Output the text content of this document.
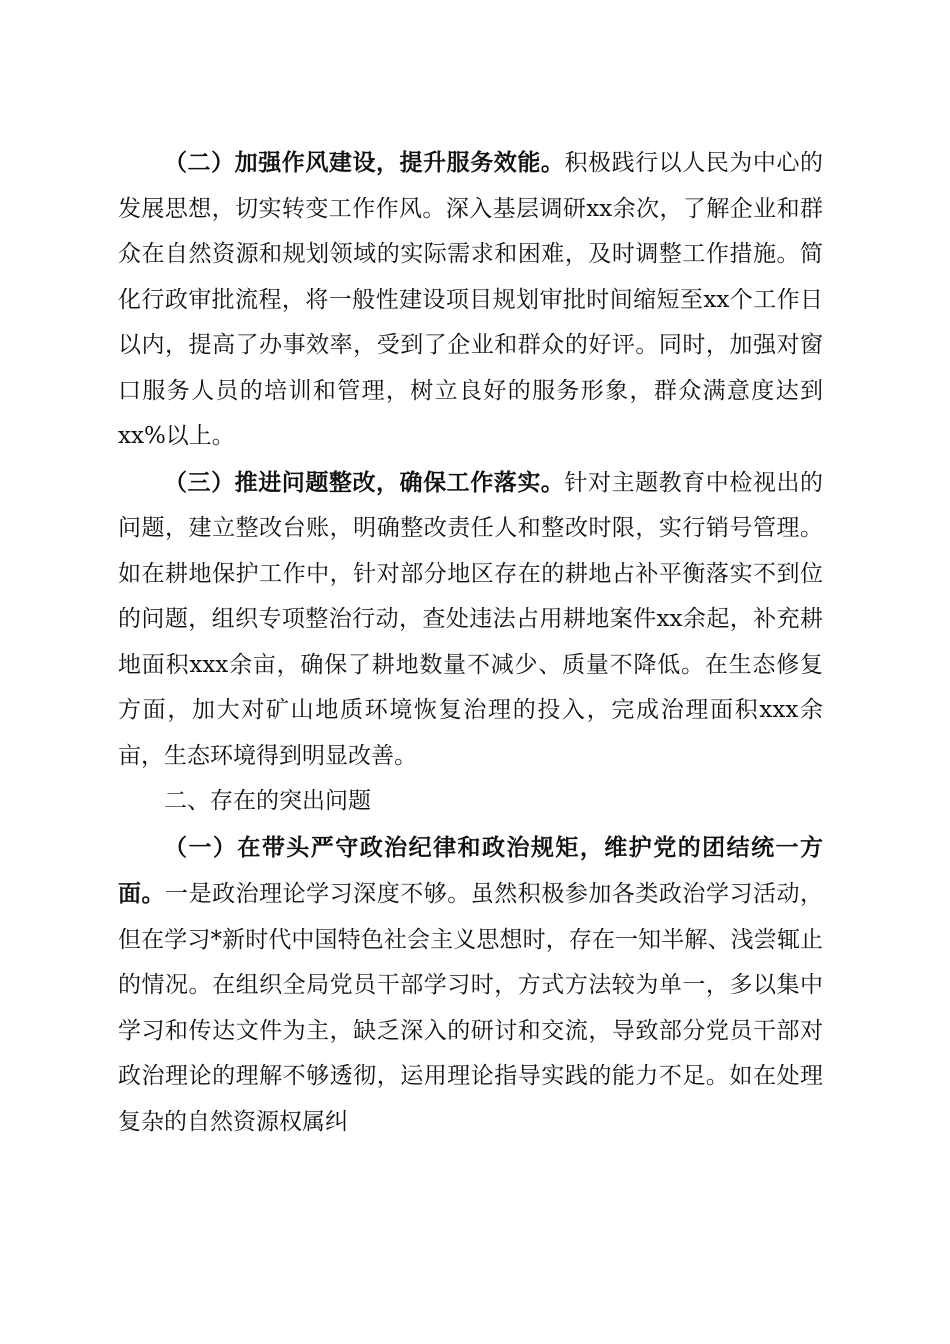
（二）加强作风建设，提升服务效能。积极践行以人民为中心的发展思想，切实转变工作作风。深入基层调研xx余次，了解企业和群众在自然资源和规划领域的实际需求和困难，及时调整工作措施。简化行政审批流程，将一般性建设项目规划审批时间缩短至xx个工作日以内，提高了办事效率，受到了企业和群众的好评。同时，加强对窗口服务人员的培训和管理，树立良好的服务形象，群众满意度达到xx%以上。

（三）推进问题整改，确保工作落实。针对主题教育中检视出的问题，建立整改台账，明确整改责任人和整改时限，实行销号管理。如在耕地保护工作中，针对部分地区存在的耕地占补平衡落实不到位的问题，组织专项整治行动，查处违法占用耕地案件xx余起，补充耕地面积xxx余亩，确保了耕地数量不减少、质量不降低。在生态修复方面，加大对矿山地质环境恢复治理的投入，完成治理面积xxx余亩，生态环境得到明显改善。

二、存在的突出问题

（一）在带头严守政治纪律和政治规矩，维护党的团结统一方面。一是政治理论学习深度不够。虽然积极参加各类政治学习活动，但在学习*新时代中国特色社会主义思想时，存在一知半解、浅尝辄止的情况。在组织全局党员干部学习时，方式方法较为单一，多以集中学习和传达文件为主，缺乏深入的研讨和交流，导致部分党员干部对政治理论的理解不够透彻，运用理论指导实践的能力不足。如在处理复杂的自然资源权属纠
